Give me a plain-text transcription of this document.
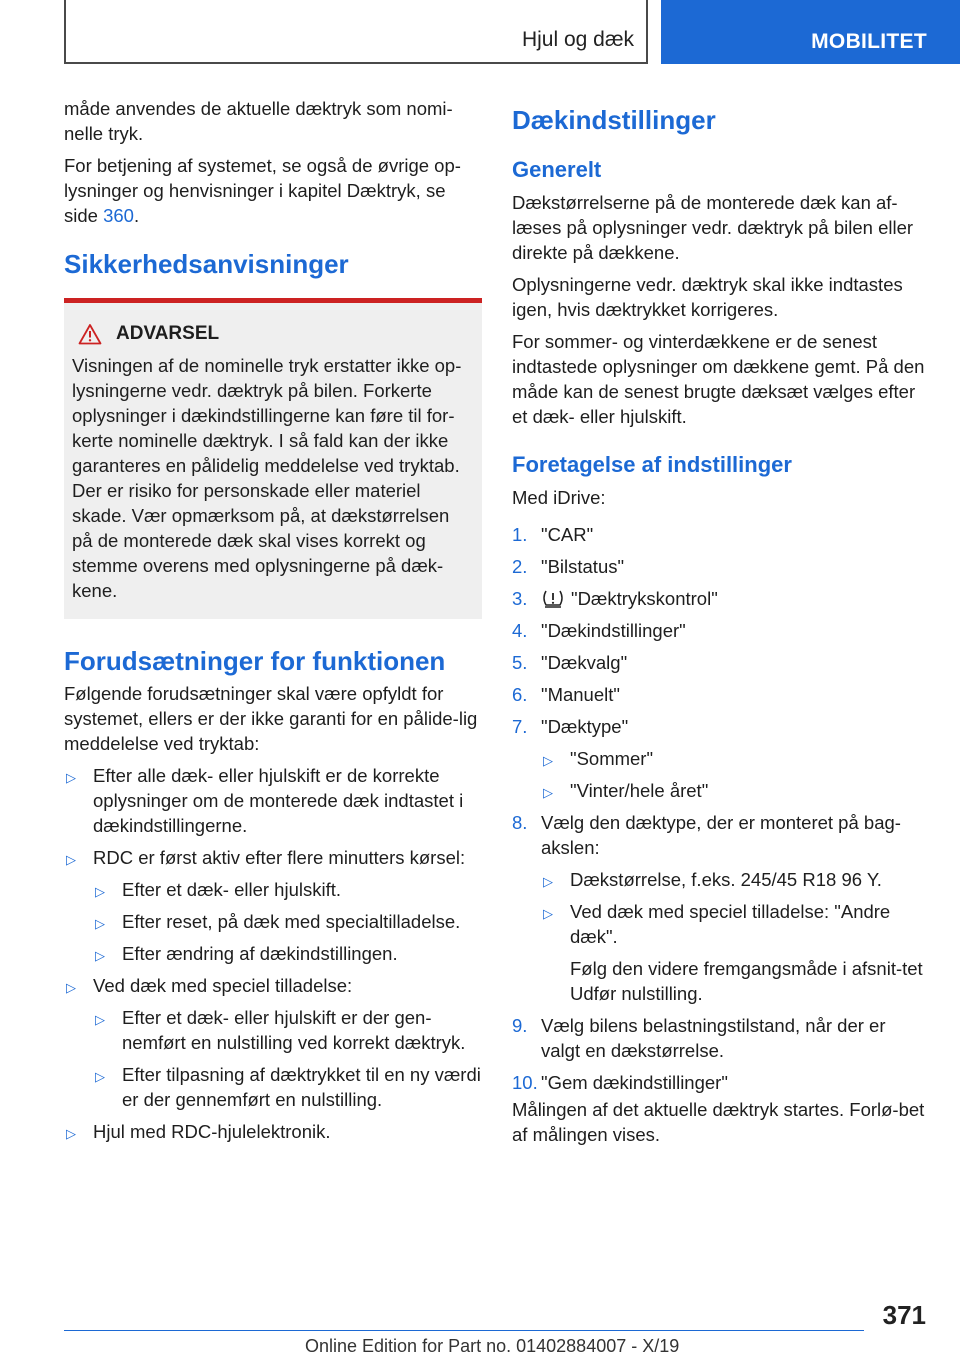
Hjul og dæk	MOBILITET

måde anvendes de aktuelle dæktryk som nomi-nelle tryk.

For betjening af systemet, se også de øvrige op-lysninger og henvisninger i kapitel Dæktryk, se side 360.

Sikkerhedsanvisninger
ADVARSEL

Visningen af de nominelle tryk erstatter ikke op-lysningerne vedr. dæktryk på bilen. Forkerte oplysninger i dækindstillingerne kan føre til for-kerte nominelle dæktryk. I så fald kan der ikke garanteres en pålidelig meddelelse ved tryktab. Der er risiko for personskade eller materiel skade. Vær opmærksom på, at dækstørrelsen på de monterede dæk skal vises korrekt og stemme overens med oplysningerne på dæk-kene.

Forudsætninger for funktionen

Følgende forudsætninger skal være opfyldt for systemet, ellers er der ikke garanti for en pålide-lig meddelelse ved tryktab:

▷ Efter alle dæk- eller hjulskift er de korrekte oplysninger om de monterede dæk indtastet i dækindstillingerne.
▷ RDC er først aktiv efter flere minutters kørsel:
▷ Efter et dæk- eller hjulskift.
▷ Efter reset, på dæk med specialtilladelse.
▷ Efter ændring af dækindstillingen.
▷ Ved dæk med speciel tilladelse:
▷ Efter et dæk- eller hjulskift er der gen-nemført en nulstilling ved korrekt dæktryk.
▷ Efter tilpasning af dæktrykket til en ny værdi er der gennemført en nulstilling.
▷ Hjul med RDC-hjulelektronik.
Dækindstillinger
Generelt

Dækstørrelserne på de monterede dæk kan af-læses på oplysninger vedr. dæktryk på bilen eller direkte på dækkene.

Oplysningerne vedr. dæktryk skal ikke indtastes igen, hvis dæktrykket korrigeres.

For sommer- og vinterdækkene er de senest indtastede oplysninger om dækkene gemt. På den måde kan de senest brugte dæksæt vælges efter et dæk- eller hjulskift.

Foretagelse af indstillinger

Med iDrive:

1. "CAR"
2. "Bilstatus"
3. "Dæktrykskontrol"
4. "Dækindstillinger"
5. "Dækvalg"
6. "Manuelt"
7. "Dæktype"
▷ "Sommer"
▷ "Vinter/hele året"
8. Vælg den dæktype, der er monteret på bag-akslen:
▷ Dækstørrelse, f.eks. 245/45 R18 96 Y.
▷ Ved dæk med speciel tilladelse: "Andre dæk".

Følg den videre fremgangsmåde i afsnit-tet Udfør nulstilling.

9. Vælg bilens belastningstilstand, når der er valgt en dækstørrelse.
10. "Gem dækindstillinger"

Målingen af det aktuelle dæktryk startes. Forlø-bet af målingen vises.

371
Online Edition for Part no. 01402884007 - X/19
